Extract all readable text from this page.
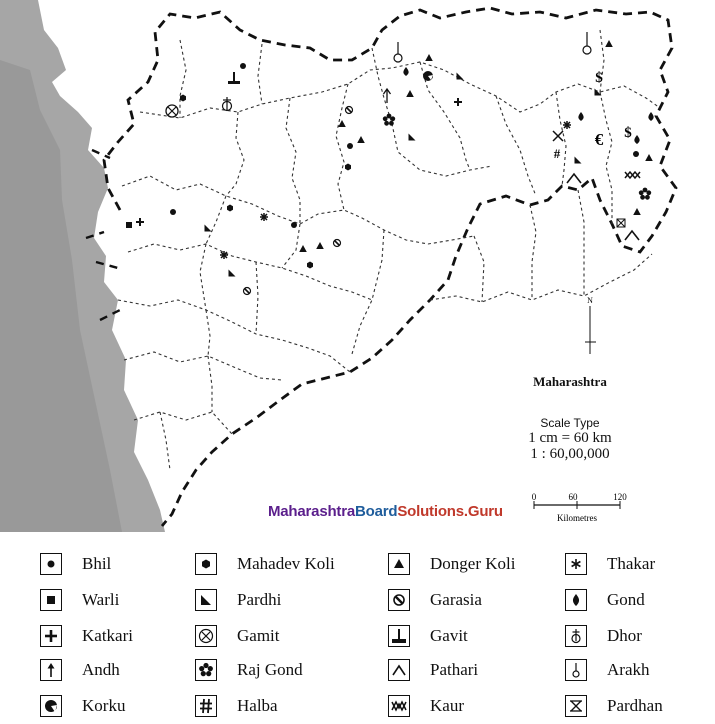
$
$
€
#
N
0	60	120
Kilometres
Maharashtra
Scale Type
1 cm = 60 km
1 : 60,00,000
MaharashtraBoardSolutions.Guru
Bhil
Warli
Katkari
Andh
Korku
Mahadev Koli
Pardhi
Gamit
Raj Gond
Halba
Donger Koli
Garasia
Gavit
Pathari
Kaur
Thakar
Gond
Dhor
Arakh
Pardhan
